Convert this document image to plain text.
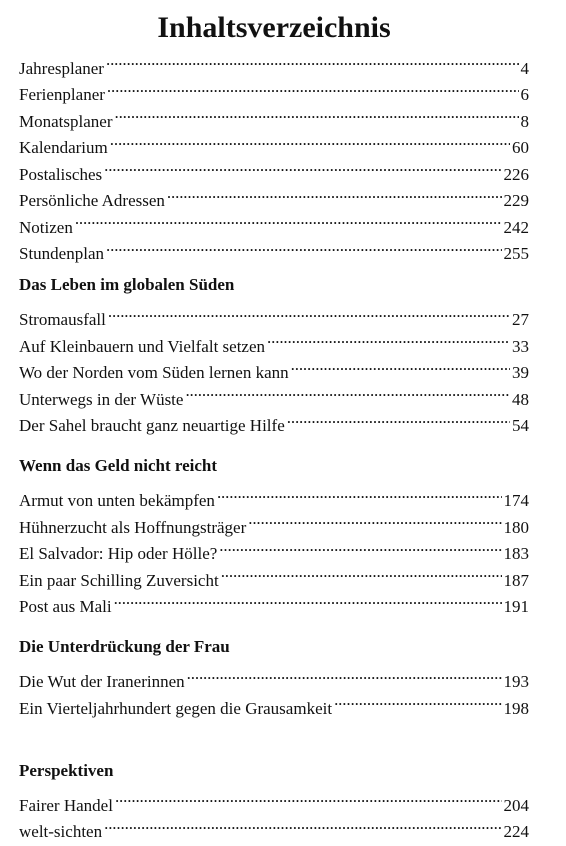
Inhaltsverzeichnis
Jahresplaner . . .	4
Ferienplaner . . .	6
Monatsplaner . . .	8
Kalendarium . . .	60
Postalisches . . .	226
Persönliche Adressen . . .	229
Notizen . . .	242
Stundenplan . . .	255
Das Leben im globalen Süden
Stromausfall . . .	27
Auf Kleinbauern und Vielfalt setzen . . .	33
Wo der Norden vom Süden lernen kann . . .	39
Unterwegs in der Wüste . . .	48
Der Sahel braucht ganz neuartige Hilfe . . .	54
Wenn das Geld nicht reicht
Armut von unten bekämpfen . . .	174
Hühnerzucht als Hoffnungsträger . . .	180
El Salvador: Hip oder Hölle? . . .	183
Ein paar Schilling Zuversicht . . .	187
Post aus Mali . . .	191
Die Unterdrückung der Frau
Die Wut der Iranerinnen . . .	193
Ein Vierteljahrhundert gegen die Grausamkeit . . .	198
Perspektiven
Fairer Handel . . .	204
welt-sichten . . .	224
